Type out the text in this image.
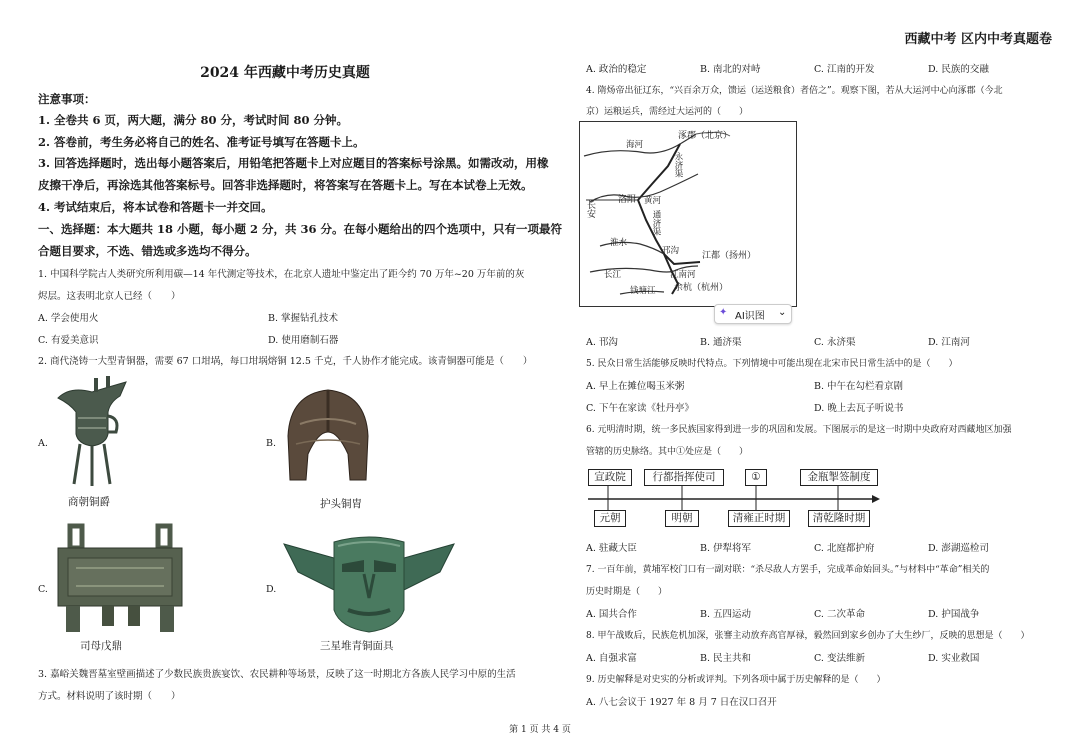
西藏中考 区内中考真题卷
2024 年西藏中考历史真题
注意事项：
1. 全卷共 6 页，两大题，满分 80 分，考试时间 80 分钟。
2. 答卷前，考生务必将自己的姓名、准考证号填写在答题卡上。
3. 回答选择题时，选出每小题答案后，用铅笔把答题卡上对应题目的答案标号涂黑。如需改动，用橡
皮擦干净后，再涂选其他答案标号。回答非选择题时，将答案写在答题卡上。写在本试卷上无效。
4. 考试结束后，将本试卷和答题卡一并交回。
一、选择题：本大题共 18 小题，每小题 2 分，共 36 分。在每小题给出的四个选项中，只有一项最符
合题目要求，不选、错选或多选均不得分。
1. 中国科学院古人类研究所利用碳—14 年代测定等技术，在北京人遗址中鉴定出了距今约 70 万年~20 万年前的灰
烬层。这表明北京人已经（　　）
A. 学会使用火	B. 掌握钻孔技术
C. 有爱美意识	D. 使用磨制石器
2. 商代浇铸一大型青铜器，需要 67 口坩埚，每口坩埚熔铜 12.5 千克，千人协作才能完成。该青铜器可能是（　　）
A.
商朝铜爵
B.
护头铜胄
C.
司母戊鼎
D.
三星堆青铜面具
3. 嘉峪关魏晋墓室壁画描述了少数民族贵族宴饮、农民耕种等场景，反映了这一时期北方各族人民学习中原的生活
方式。材料说明了该时期（　　）
A. 政治的稳定	B. 南北的对峙	C. 江南的开发	D. 民族的交融
4. 隋炀帝出征辽东，“兴百余万众，馈运（运送粮食）者倍之”。观察下图，若从大运河中心向涿郡（今北
京）运粮运兵，需经过大运河的（　　）
涿郡（北京）
海河
永济渠
洛阳 黄河
长安
通济渠
淮水
邗沟	江都（扬州）
长江	江南河
余杭（杭州）
钱塘江
✦ AI识图 ⌄
A. 邗沟	B. 通济渠	C. 永济渠	D. 江南河
5. 民众日常生活能够反映时代特点。下列情境中可能出现在北宋市民日常生活中的是（　　）
A. 早上在摊位喝玉米粥	B. 中午在勾栏看京剧
C. 下午在家读《牡丹亭》	D. 晚上去瓦子听说书
6. 元明清时期，统一多民族国家得到进一步的巩固和发展。下图展示的是这一时期中央政府对西藏地区加强
管辖的历史脉络。其中①处应是（　　）
宣政院	行都指挥使司	①	金瓶掣签制度
元朝	明朝	清雍正时期	清乾隆时期
A. 驻藏大臣	B. 伊犁将军	C. 北庭都护府	D. 澎湖巡检司
7. 一百年前，黄埔军校门口有一副对联：“杀尽敌人方罢手，完成革命始回头。”与材料中“革命”相关的
历史时期是（　　）
A. 国共合作	B. 五四运动	C. 二次革命	D. 护国战争
8. 甲午战败后，民族危机加深，张謇主动放弃高官厚禄，毅然回到家乡创办了大生纱厂，反映的思想是（　　）
A. 自强求富	B. 民主共和	C. 变法维新	D. 实业救国
9. 历史解释是对史实的分析或评判。下列各项中属于历史解释的是（　　）
A. 八七会议于 1927 年 8 月 7 日在汉口召开
第 1 页 共 4 页
